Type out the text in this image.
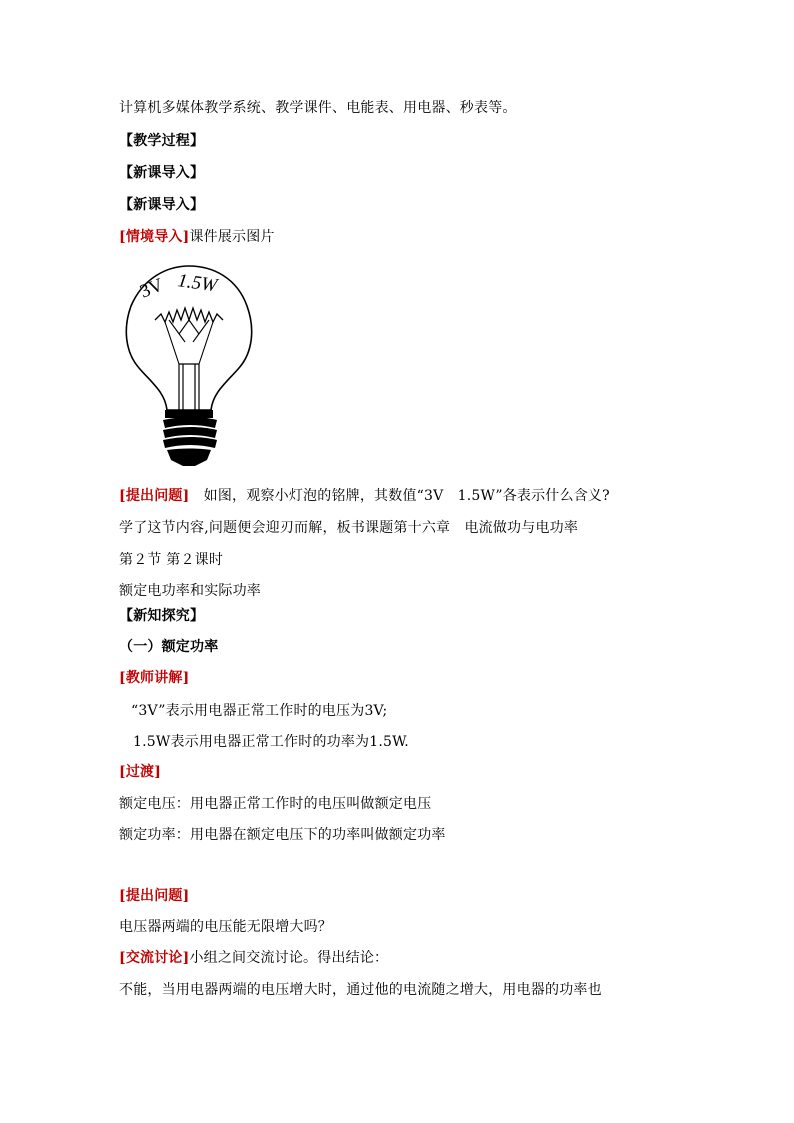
计算机多媒体教学系统、教学课件、电能表、用电器、秒表等。
【教学过程】
【新课导入】
【新课导入】
[情境导入]课件展示图片
3V 1.5W
[提出问题]　如图，观察小灯泡的铭牌，其数值“3V　1.5W”各表示什么含义?
学了这节内容,问题便会迎刃而解，板书课题第十六章　电流做功与电功率
第２节 第２课时
额定电功率和实际功率
【新知探究】
（一）额定功率
[教师讲解]
“3V”表示用电器正常工作时的电压为3V;
1.5W表示用电器正常工作时的功率为1.5W.
[过渡]
额定电压：用电器正常工作时的电压叫做额定电压
额定功率：用电器在额定电压下的功率叫做额定功率
[提出问题]
电压器两端的电压能无限增大吗？
[交流讨论]小组之间交流讨论。得出结论：
不能，当用电器两端的电压增大时，通过他的电流随之增大，用电器的功率也
